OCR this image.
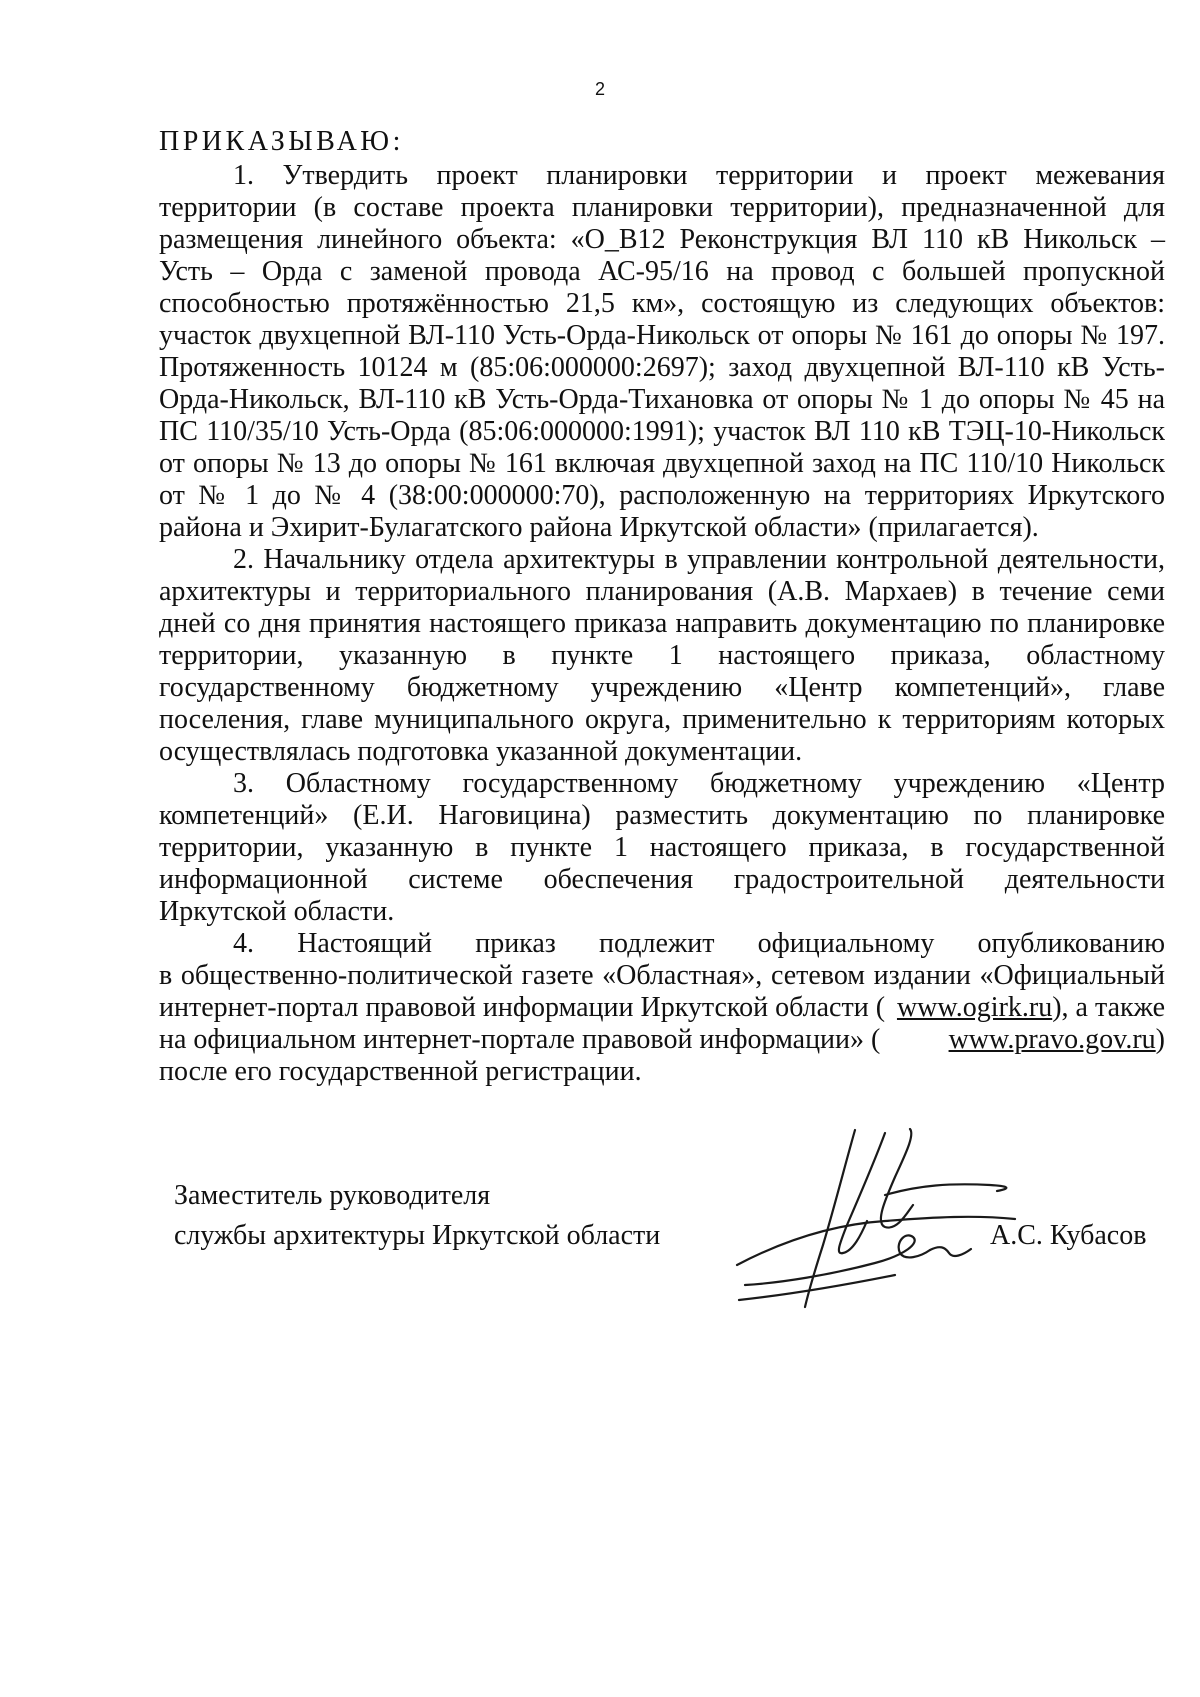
2
ПРИКАЗЫВАЮ:
1. Утвердить проект планировки территории и проект межевания
территории (в составе проекта планировки территории), предназначенной для
размещения линейного объекта: «О_В12 Реконструкция ВЛ 110 кВ Никольск –
Усть – Орда с заменой провода АС-95/16 на провод с большей пропускной
способностью протяжённостью 21,5 км», состоящую из следующих объектов:
участок двухцепной ВЛ-110 Усть-Орда-Никольск от опоры № 161 до опоры № 197.
Протяженность 10124 м (85:06:000000:2697); заход двухцепной ВЛ-110 кВ Усть-
Орда-Никольск, ВЛ-110 кВ Усть-Орда-Тихановка от опоры № 1 до опоры № 45 на
ПС 110/35/10 Усть-Орда (85:06:000000:1991); участок ВЛ 110 кВ ТЭЦ-10-Никольск
от опоры № 13 до опоры № 161 включая двухцепной заход на ПС 110/10 Никольск
от № 1 до № 4 (38:00:000000:70), расположенную на территориях Иркутского
района и Эхирит-Булагатского района Иркутской области» (прилагается).
2. Начальнику отдела архитектуры в управлении контрольной деятельности,
архитектуры и территориального планирования (А.В. Мархаев) в течение семи
дней со дня принятия настоящего приказа направить документацию по планировке
территории, указанную в пункте 1 настоящего приказа, областному
государственному бюджетному учреждению «Центр компетенций», главе
поселения, главе муниципального округа, применительно к территориям которых
осуществлялась подготовка указанной документации.
3. Областному государственному бюджетному учреждению «Центр
компетенций» (Е.И. Наговицина) разместить документацию по планировке
территории, указанную в пункте 1 настоящего приказа, в государственной
информационной системе обеспечения градостроительной деятельности
Иркутской области.
4. Настоящий приказ подлежит официальному опубликованию
в общественно-политической газете «Областная», сетевом издании «Официальный
интернет-портал правовой информации Иркутской области ( www.ogirk.ru), а также
на официальном интернет-портале правовой информации» (	www.pravo.gov.ru)
после его государственной регистрации.
Заместитель руководителя
службы архитектуры Иркутской области	А.С. Кубасов
